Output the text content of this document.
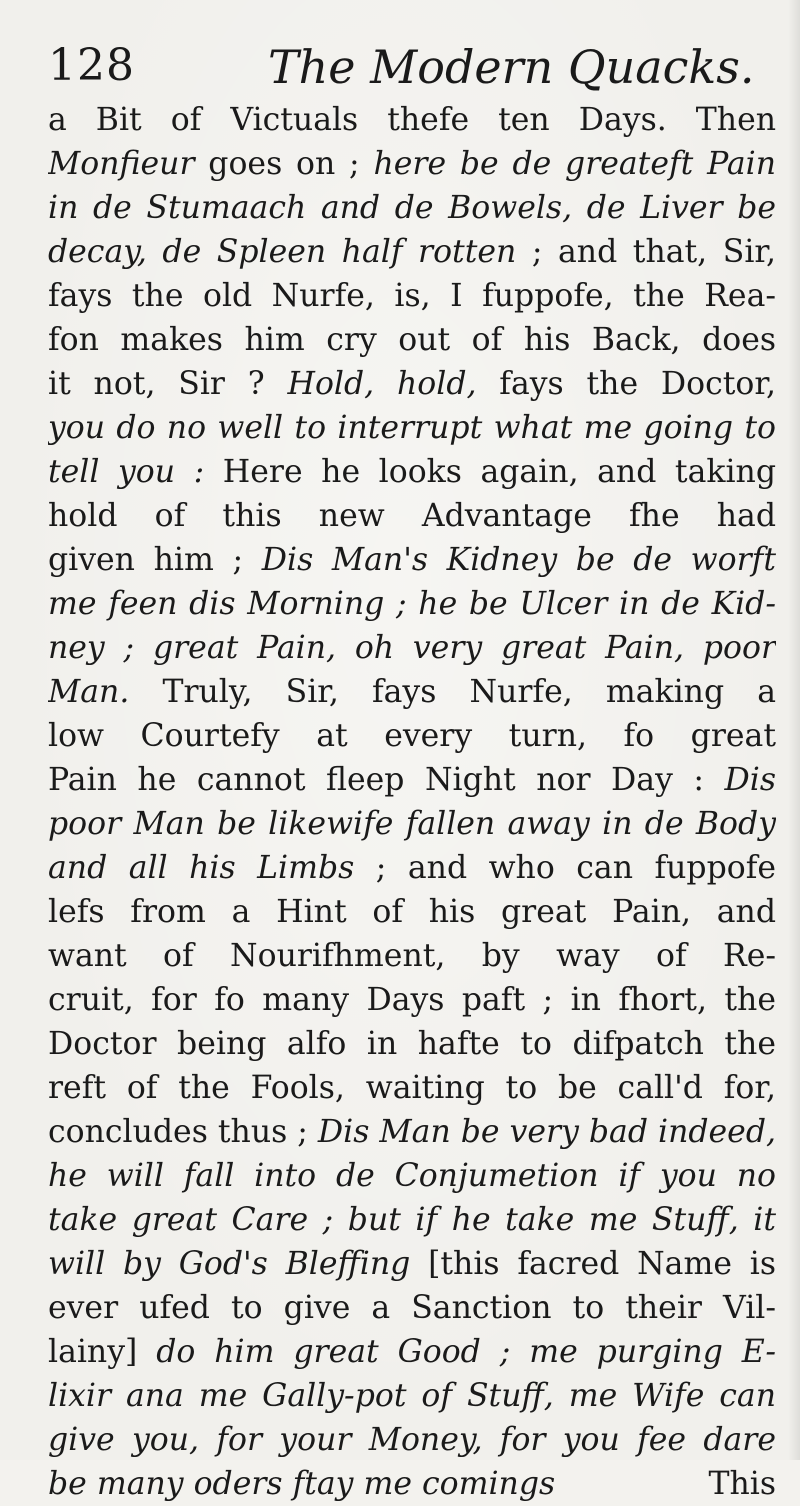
128	The Modern Quacks.
a Bit of Victuals thefe ten Days. Then
Monfieur goes on ; here be de greateft Pain
in de Stumaach and de Bowels, de Liver be
decay, de Spleen half rotten ; and that, Sir,
fays the old Nurfe, is, I fuppofe, the Rea-
fon makes him cry out of his Back, does
it not, Sir ? Hold, hold, fays the Doctor,
you do no well to interrupt what me going to
tell you : Here he looks again, and taking
hold of this new Advantage fhe had
given him ; Dis Man's Kidney be de worft
me feen dis Morning ; he be Ulcer in de Kid-
ney ; great Pain, oh very great Pain, poor
Man. Truly, Sir, fays Nurfe, making a
low Courtefy at every turn, fo great
Pain he cannot fleep Night nor Day : Dis
poor Man be likewife fallen away in de Body
and all his Limbs ; and who can fuppofe
lefs from a Hint of his great Pain, and
want of Nourifhment, by way of Re-
cruit, for fo many Days paft ; in fhort, the
Doctor being alfo in hafte to difpatch the
reft of the Fools, waiting to be call'd for,
concludes thus ; Dis Man be very bad indeed,
he will fall into de Conjumetion if you no
take great Care ; but if he take me Stuff, it
will by God's Bleffing [this facred Name is
ever ufed to give a Sanction to their Vil-
lainy] do him great Good ; me purging E-
lixir ana me Gally-pot of Stuff, me Wife can
give you, for your Money, for you fee dare
be many oders ftay me comings	This
